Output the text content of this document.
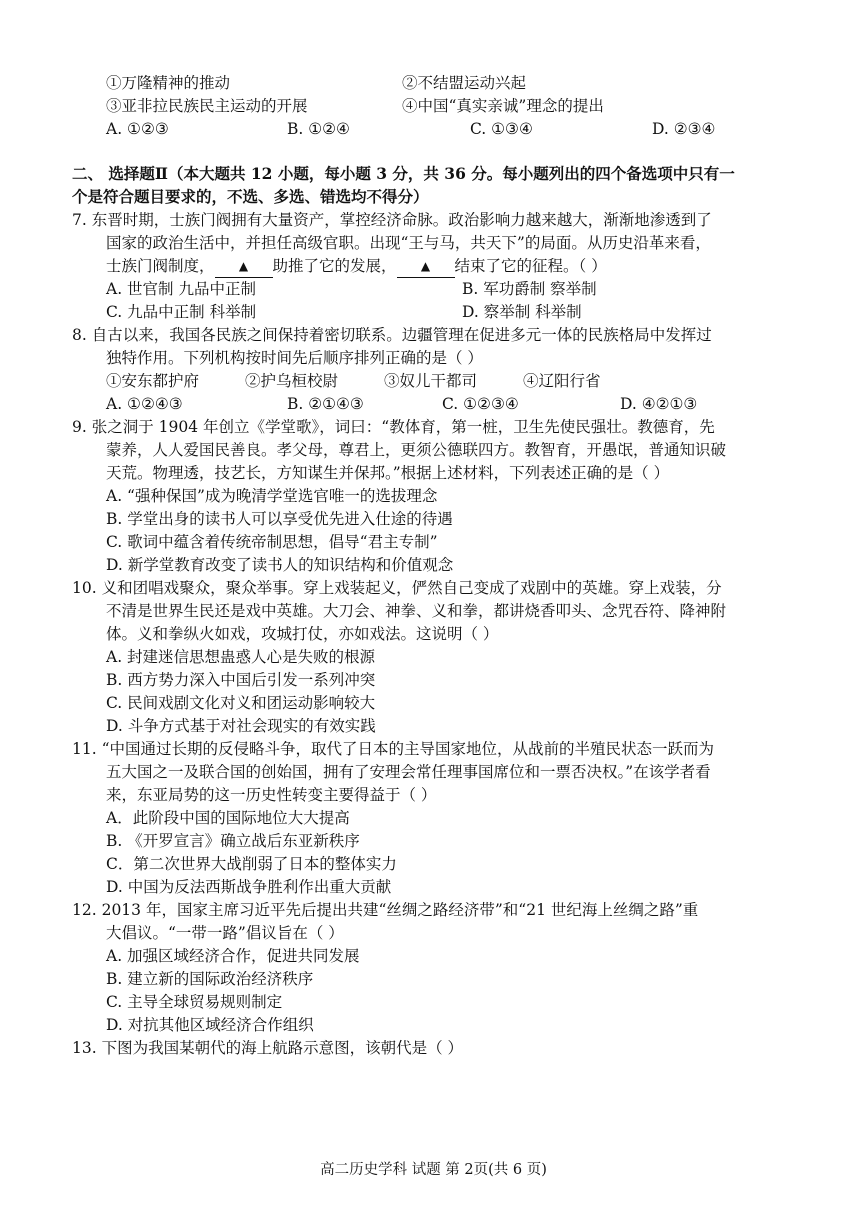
①万隆精神的推动	②不结盟运动兴起
③亚非拉民族民主运动的开展	④中国“真实亲诚”理念的提出
A. ①②③	B. ①②④	C. ①③④	D. ②③④
二、 选择题Ⅱ（本大题共 12 小题，每小题 3 分，共 36 分。每小题列出的四个备选项中只有一
个是符合题目要求的，不选、多选、错选均不得分）
7. 东晋时期，士族门阀拥有大量资产，掌控经济命脉。政治影响力越来越大，渐渐地渗透到了
国家的政治生活中，并担任高级官职。出现“王与马，共天下”的局面。从历史沿革来看，
士族门阀制度， ▲ 助推了它的发展， ▲ 结束了它的征程。（ ）
A. 世官制 九品中正制	B. 军功爵制 察举制
C. 九品中正制 科举制	D. 察举制 科举制
8. 自古以来，我国各民族之间保持着密切联系。边疆管理在促进多元一体的民族格局中发挥过
独特作用。下列机构按时间先后顺序排列正确的是（ ）
①安东都护府	②护乌桓校尉	③奴儿干都司	④辽阳行省
A. ①②④③	B. ②①④③	C. ①②③④	D. ④②①③
9. 张之洞于 1904 年创立《学堂歌》，词曰：“教体育，第一桩，卫生先使民强壮。教德育，先
蒙养，人人爱国民善良。孝父母，尊君上，更须公德联四方。教智育，开愚氓，普通知识破
天荒。物理透，技艺长，方知谋生并保邦。”根据上述材料，下列表述正确的是（ ）
A. “强种保国”成为晚清学堂选官唯一的选拔理念
B. 学堂出身的读书人可以享受优先进入仕途的待遇
C. 歌词中蕴含着传统帝制思想，倡导“君主专制”
D. 新学堂教育改变了读书人的知识结构和价值观念
10. 义和团唱戏聚众，聚众举事。穿上戏装起义，俨然自己变成了戏剧中的英雄。穿上戏装，分
不清是世界生民还是戏中英雄。大刀会、神拳、义和拳，都讲烧香叩头、念咒吞符、降神附
体。义和拳纵火如戏，攻城打仗，亦如戏法。这说明（ ）
A. 封建迷信思想蛊惑人心是失败的根源
B. 西方势力深入中国后引发一系列冲突
C. 民间戏剧文化对义和团运动影响较大
D. 斗争方式基于对社会现实的有效实践
11. “中国通过长期的反侵略斗争，取代了日本的主导国家地位，从战前的半殖民状态一跃而为
五大国之一及联合国的创始国，拥有了安理会常任理事国席位和一票否决权。”在该学者看
来，东亚局势的这一历史性转变主要得益于（ ）
A．此阶段中国的国际地位大大提高
B. 《开罗宣言》确立战后东亚新秩序
C．第二次世界大战削弱了日本的整体实力
D. 中国为反法西斯战争胜利作出重大贡献
12. 2013 年，国家主席习近平先后提出共建“丝绸之路经济带”和“21 世纪海上丝绸之路”重
大倡议。“一带一路”倡议旨在（ ）
A. 加强区域经济合作，促进共同发展
B. 建立新的国际政治经济秩序
C. 主导全球贸易规则制定
D. 对抗其他区域经济合作组织
13. 下图为我国某朝代的海上航路示意图，该朝代是（ ）
高二历史学科 试题 第 2页(共 6 页)
